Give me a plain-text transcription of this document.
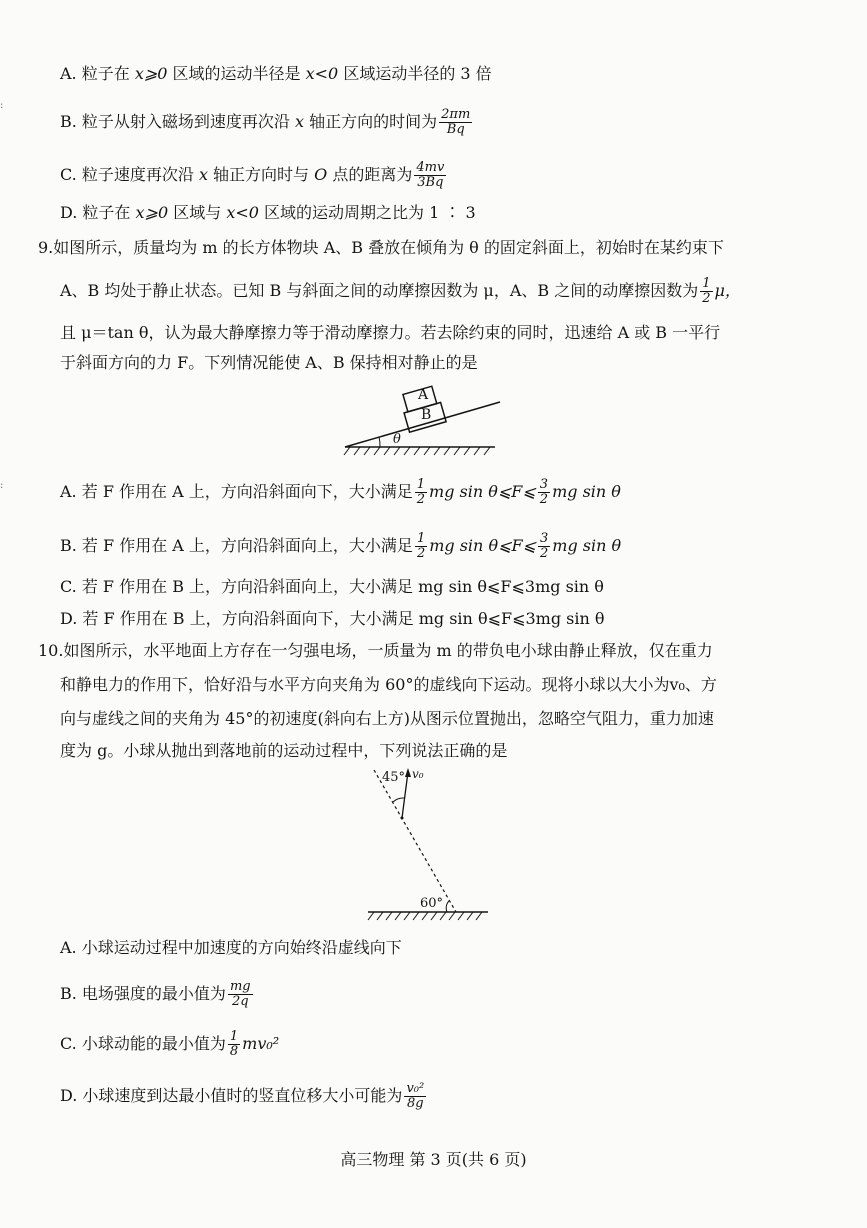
:
:
A. 粒子在 x⩾0 区域的运动半径是 x<0 区域运动半径的 3 倍
B. 粒子从射入磁场到速度再次沿 x 轴正方向的时间为 $\frac{2\pi m}{Bq}$
C. 粒子速度再次沿 x 轴正方向时与 O 点的距离为 $\frac{4mv}{3Bq}$
D. 粒子在 x⩾0 区域与 x<0 区域的运动周期之比为 1 ∶ 3
9.如图所示，质量均为 m 的长方体物块 A、B 叠放在倾角为 θ 的固定斜面上，初始时在某约束下
A、B 均处于静止状态。已知 B 与斜面之间的动摩擦因数为 μ，A、B 之间的动摩擦因数为 $\frac{1}{2}$ μ，
且 μ＝tan θ，认为最大静摩擦力等于滑动摩擦力。若去除约束的同时，迅速给 A 或 B 一平行
于斜面方向的力 F。下列情况能使 A、B 保持相对静止的是
A
B
θ
A. 若 F 作用在 A 上，方向沿斜面向下，大小满足 $\frac{1}{2}$ mg sin θ⩽F⩽ $\frac{3}{2}$ mg sin θ
B. 若 F 作用在 A 上，方向沿斜面向上，大小满足 $\frac{1}{2}$ mg sin θ⩽F⩽ $\frac{3}{2}$ mg sin θ
C. 若 F 作用在 B 上，方向沿斜面向上，大小满足 mg sin θ⩽F⩽3mg sin θ
D. 若 F 作用在 B 上，方向沿斜面向下，大小满足 mg sin θ⩽F⩽3mg sin θ
10.如图所示，水平地面上方存在一匀强电场，一质量为 m 的带负电小球由静止释放，仅在重力
和静电力的作用下，恰好沿与水平方向夹角为 60°的虚线向下运动。现将小球以大小为v₀、方
向与虚线之间的夹角为 45°的初速度(斜向右上方)从图示位置抛出，忽略空气阻力，重力加速
度为 g。小球从抛出到落地前的运动过程中，下列说法正确的是
45° v₀
60°
A. 小球运动过程中加速度的方向始终沿虚线向下
B. 电场强度的最小值为 $\frac{mg}{2q}$
C. 小球动能的最小值为 $\frac{1}{8} mv_0^2$
D. 小球速度到达最小值时的竖直位移大小可能为 $\frac{\text{v₀²}}{8g}$
高三物理 第 3 页(共 6 页)
